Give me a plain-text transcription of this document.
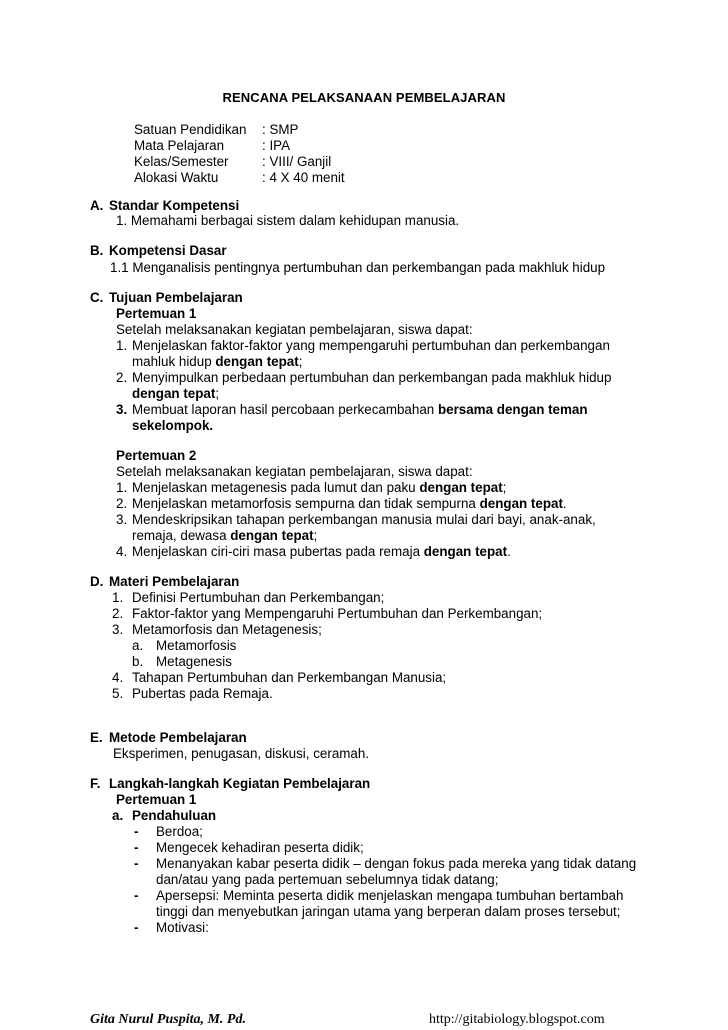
RENCANA PELAKSANAAN PEMBELAJARAN
Satuan Pendidikan : SMP
Mata Pelajaran	: IPA
Kelas/Semester : VIII/ Ganjil
Alokasi Waktu	: 4 X 40 menit
A. Standar Kompetensi
1. Memahami berbagai sistem dalam kehidupan manusia.
B. Kompetensi Dasar
1.1 Menganalisis pentingnya pertumbuhan dan perkembangan pada makhluk hidup
C. Tujuan Pembelajaran
Pertemuan 1
Setelah melaksanakan kegiatan pembelajaran, siswa dapat:
1. Menjelaskan faktor-faktor yang mempengaruhi pertumbuhan dan perkembangan
mahluk hidup dengan tepat;
2. Menyimpulkan perbedaan pertumbuhan dan perkembangan pada makhluk hidup
dengan tepat;
3. Membuat laporan hasil percobaan perkecambahan bersama dengan teman
sekelompok.
Pertemuan 2
Setelah melaksanakan kegiatan pembelajaran, siswa dapat:
1. Menjelaskan metagenesis pada lumut dan paku dengan tepat;
2. Menjelaskan metamorfosis sempurna dan tidak sempurna dengan tepat.
3. Mendeskripsikan tahapan perkembangan manusia mulai dari bayi, anak-anak,
remaja, dewasa dengan tepat;
4. Menjelaskan ciri-ciri masa pubertas pada remaja dengan tepat.
D. Materi Pembelajaran
1. Definisi Pertumbuhan dan Perkembangan;
2. Faktor-faktor yang Mempengaruhi Pertumbuhan dan Perkembangan;
3. Metamorfosis dan Metagenesis;
a. Metamorfosis
b. Metagenesis
4. Tahapan Pertumbuhan dan Perkembangan Manusia;
5. Pubertas pada Remaja.
E. Metode Pembelajaran
Eksperimen, penugasan, diskusi, ceramah.
F. Langkah-langkah Kegiatan Pembelajaran
Pertemuan 1
a. Pendahuluan
- Berdoa;
- Mengecek kehadiran peserta didik;
- Menanyakan kabar peserta didik – dengan fokus pada mereka yang tidak datang
dan/atau yang pada pertemuan sebelumnya tidak datang;
- Apersepsi: Meminta peserta didik menjelaskan mengapa tumbuhan bertambah
tinggi dan menyebutkan jaringan utama yang berperan dalam proses tersebut;
- Motivasi:
Gita Nurul Puspita, M. Pd.	http://gitabiology.blogspot.com
